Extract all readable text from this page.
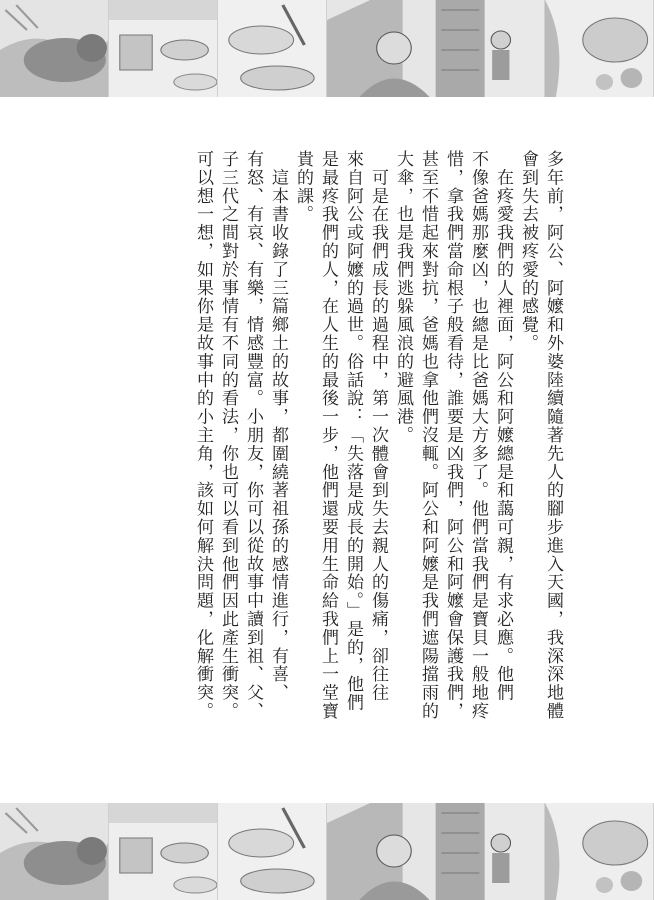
多年前，阿公、阿嬤和外婆陸續隨著先人的腳步進入天國，我深深地體
會到失去被疼愛的感覺。

　在疼愛我們的人裡面，阿公和阿嬤總是和藹可親，有求必應。他們
不像爸媽那麼凶，也總是比爸媽大方多了。他們當我們是寶貝一般地疼
惜，拿我們當命根子般看待，誰要是凶我們，阿公和阿嬤會保護我們，
甚至不惜起來對抗，爸媽也拿他們沒輒。阿公和阿嬤是我們遮陽擋雨的
大傘，也是我們逃躲風浪的避風港。

　可是在我們成長的過程中，第一次體會到失去親人的傷痛，卻往往
來自阿公或阿嬤的過世。俗話說：「失落是成長的開始。」是的，他們
是最疼我們的人，在人生的最後一步，他們還要用生命給我們上一堂寶
貴的課。

　這本書收錄了三篇鄉土的故事，都圍繞著祖孫的感情進行，有喜、
有怒、有哀、有樂，情感豐富。小朋友，你可以從故事中讀到祖、父、
子三代之間對於事情有不同的看法，你也可以看到他們因此產生衝突。
可以想一想，如果你是故事中的小主角，該如何解決問題，化解衝突。
